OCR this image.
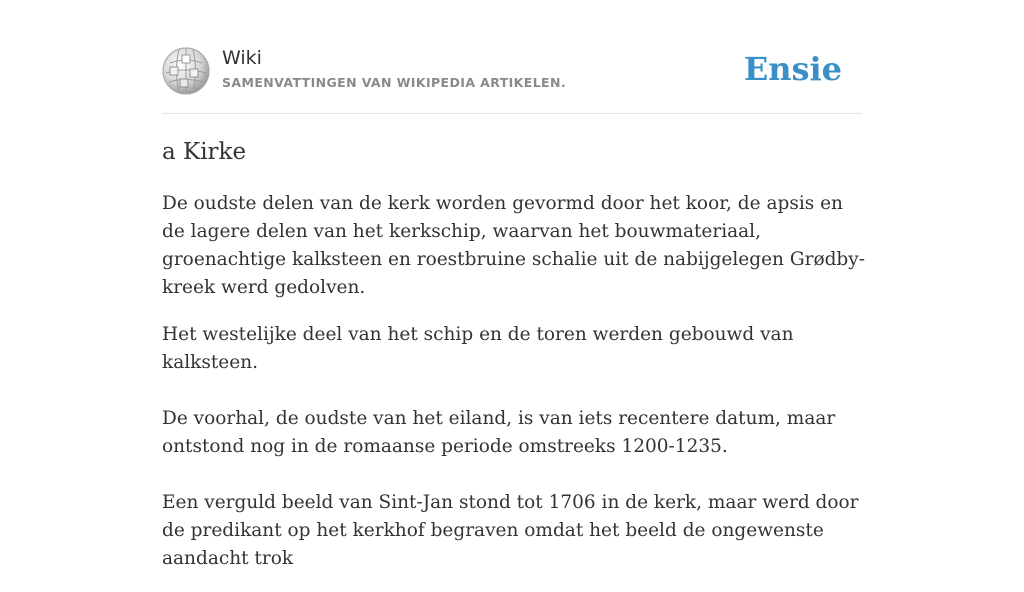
Wiki
SAMENVATTINGEN VAN WIKIPEDIA ARTIKELEN.	Ensie
a Kirke

De oudste delen van de kerk worden gevormd door het koor, de apsis en de lagere delen van het kerkschip, waarvan het bouwmateriaal, groenachtige kalksteen en roestbruine schalie uit de nabijgelegen Grødby-kreek werd gedolven.

Het westelijke deel van het schip en de toren werden gebouwd van kalksteen.

De voorhal, de oudste van het eiland, is van iets recentere datum, maar ontstond nog in de romaanse periode omstreeks 1200-1235.

Een verguld beeld van Sint-Jan stond tot 1706 in de kerk, maar werd door de predikant op het kerkhof begraven omdat het beeld de ongewenste aandacht trok
